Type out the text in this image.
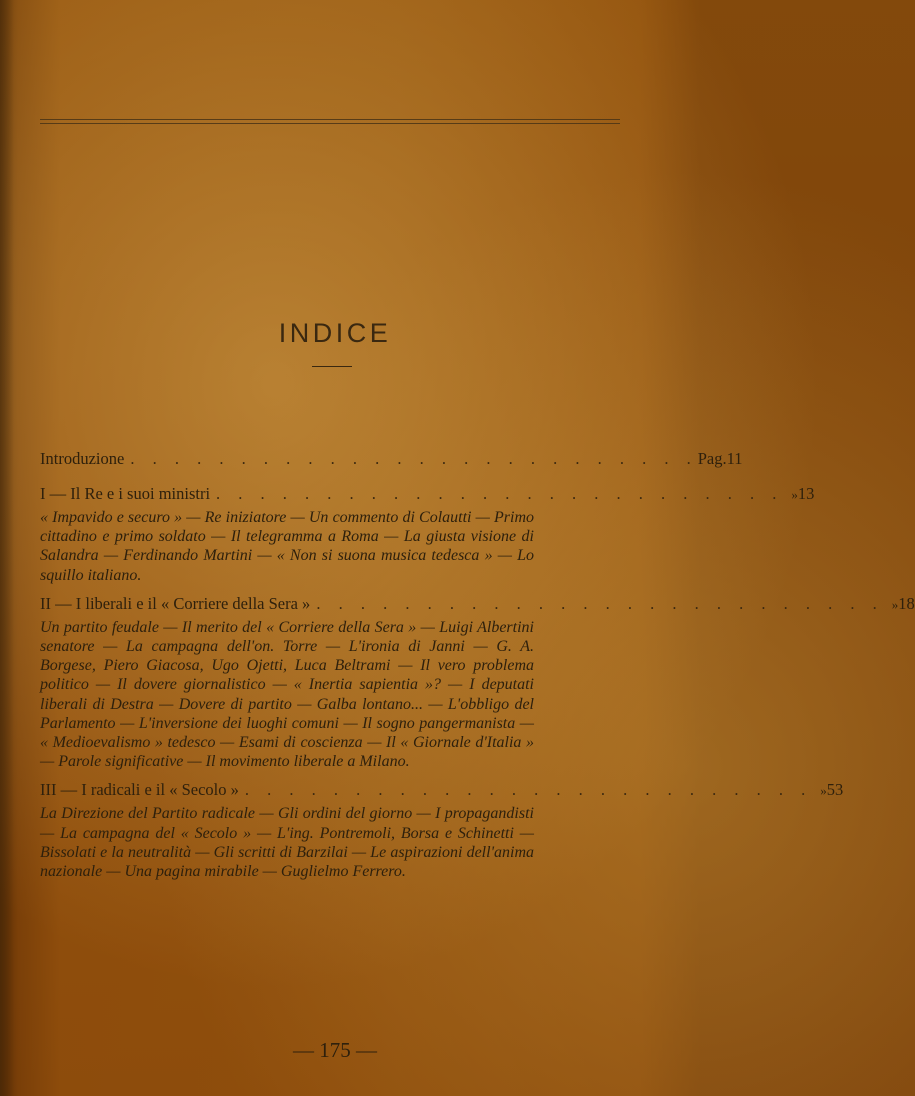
INDICE
Introduzione . . . . . . . . . . . . . . . . . . . . . . . . . . Pag. 11
I — Il Re e i suoi ministri . . . . . . . . . . . . . . . . . . . . . . . . . . » 13
« Impavido e securo » — Re iniziatore — Un commento di Colautti — Primo cittadino e primo soldato — Il telegramma a Roma — La giusta visione di Salandra — Ferdinando Martini — « Non si suona musica tedesca » — Lo squillo italiano.
II — I liberali e il « Corriere della Sera » . . . . . . . . . . . . . . . . . . . . . . . . . . » 18
Un partito feudale — Il merito del « Corriere della Sera » — Luigi Albertini senatore — La campagna dell'on. Torre — L'ironia di Janni — G. A. Borgese, Piero Giacosa, Ugo Ojetti, Luca Beltrami — Il vero problema politico — Il dovere giornalistico — « Inertia sapientia »? — I deputati liberali di Destra — Dovere di partito — Galba lontano... — L'obbligo del Parlamento — L'inversione dei luoghi comuni — Il sogno pangermanista — « Medioevalismo » tedesco — Esami di coscienza — Il « Giornale d'Italia » — Parole significative — Il movimento liberale a Milano.
III — I radicali e il « Secolo » . . . . . . . . . . . . . . . . . . . . . . . . . . » 53
La Direzione del Partito radicale — Gli ordini del giorno — I propagandisti — La campagna del « Secolo » — L'ing. Pontremoli, Borsa e Schinetti — Bissolati e la neutralità — Gli scritti di Barzilai — Le aspirazioni dell'anima nazionale — Una pagina mirabile — Guglielmo Ferrero.
— 175 —
